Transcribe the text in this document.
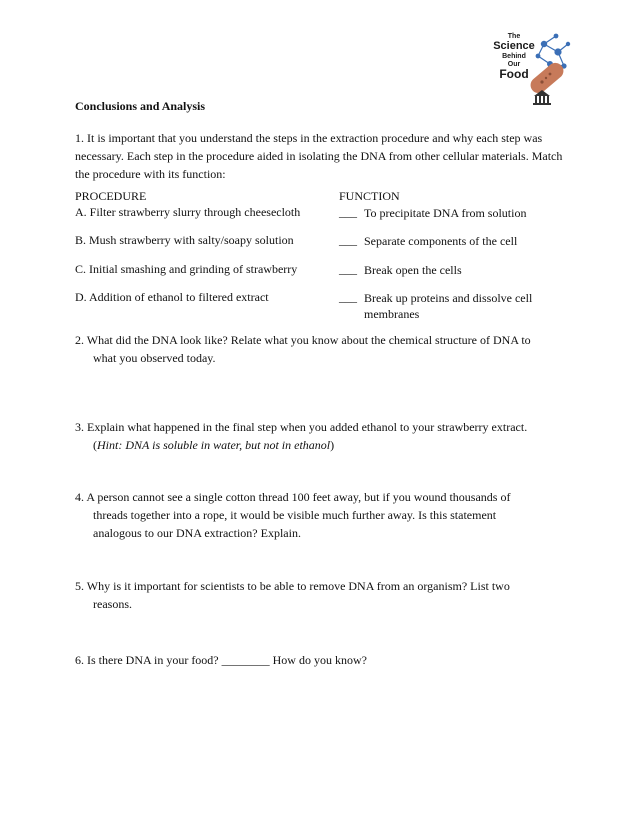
The
Science
Behind
Our
Food
Conclusions and Analysis
1. It is important that you understand the steps in the extraction procedure and why each step was necessary. Each step in the procedure aided in isolating the DNA from other cellular materials. Match the procedure with its function:
PROCEDURE	FUNCTION
A. Filter strawberry slurry through cheesecloth
B. Mush strawberry with salty/soapy solution
C. Initial smashing and grinding of strawberry
D. Addition of ethanol to filtered extract
___ To precipitate DNA from solution
___ Separate components of the cell
___ Break open the cells
___ Break up proteins and dissolve cell membranes
2. What did the DNA look like? Relate what you know about the chemical structure of DNA to
what you observed today.
3. Explain what happened in the final step when you added ethanol to your strawberry extract.
(Hint: DNA is soluble in water, but not in ethanol)
4. A person cannot see a single cotton thread 100 feet away, but if you wound thousands of
threads together into a rope, it would be visible much further away. Is this statement
analogous to our DNA extraction? Explain.
5. Why is it important for scientists to be able to remove DNA from an organism? List two
reasons.
6. Is there DNA in your food? ________ How do you know?
